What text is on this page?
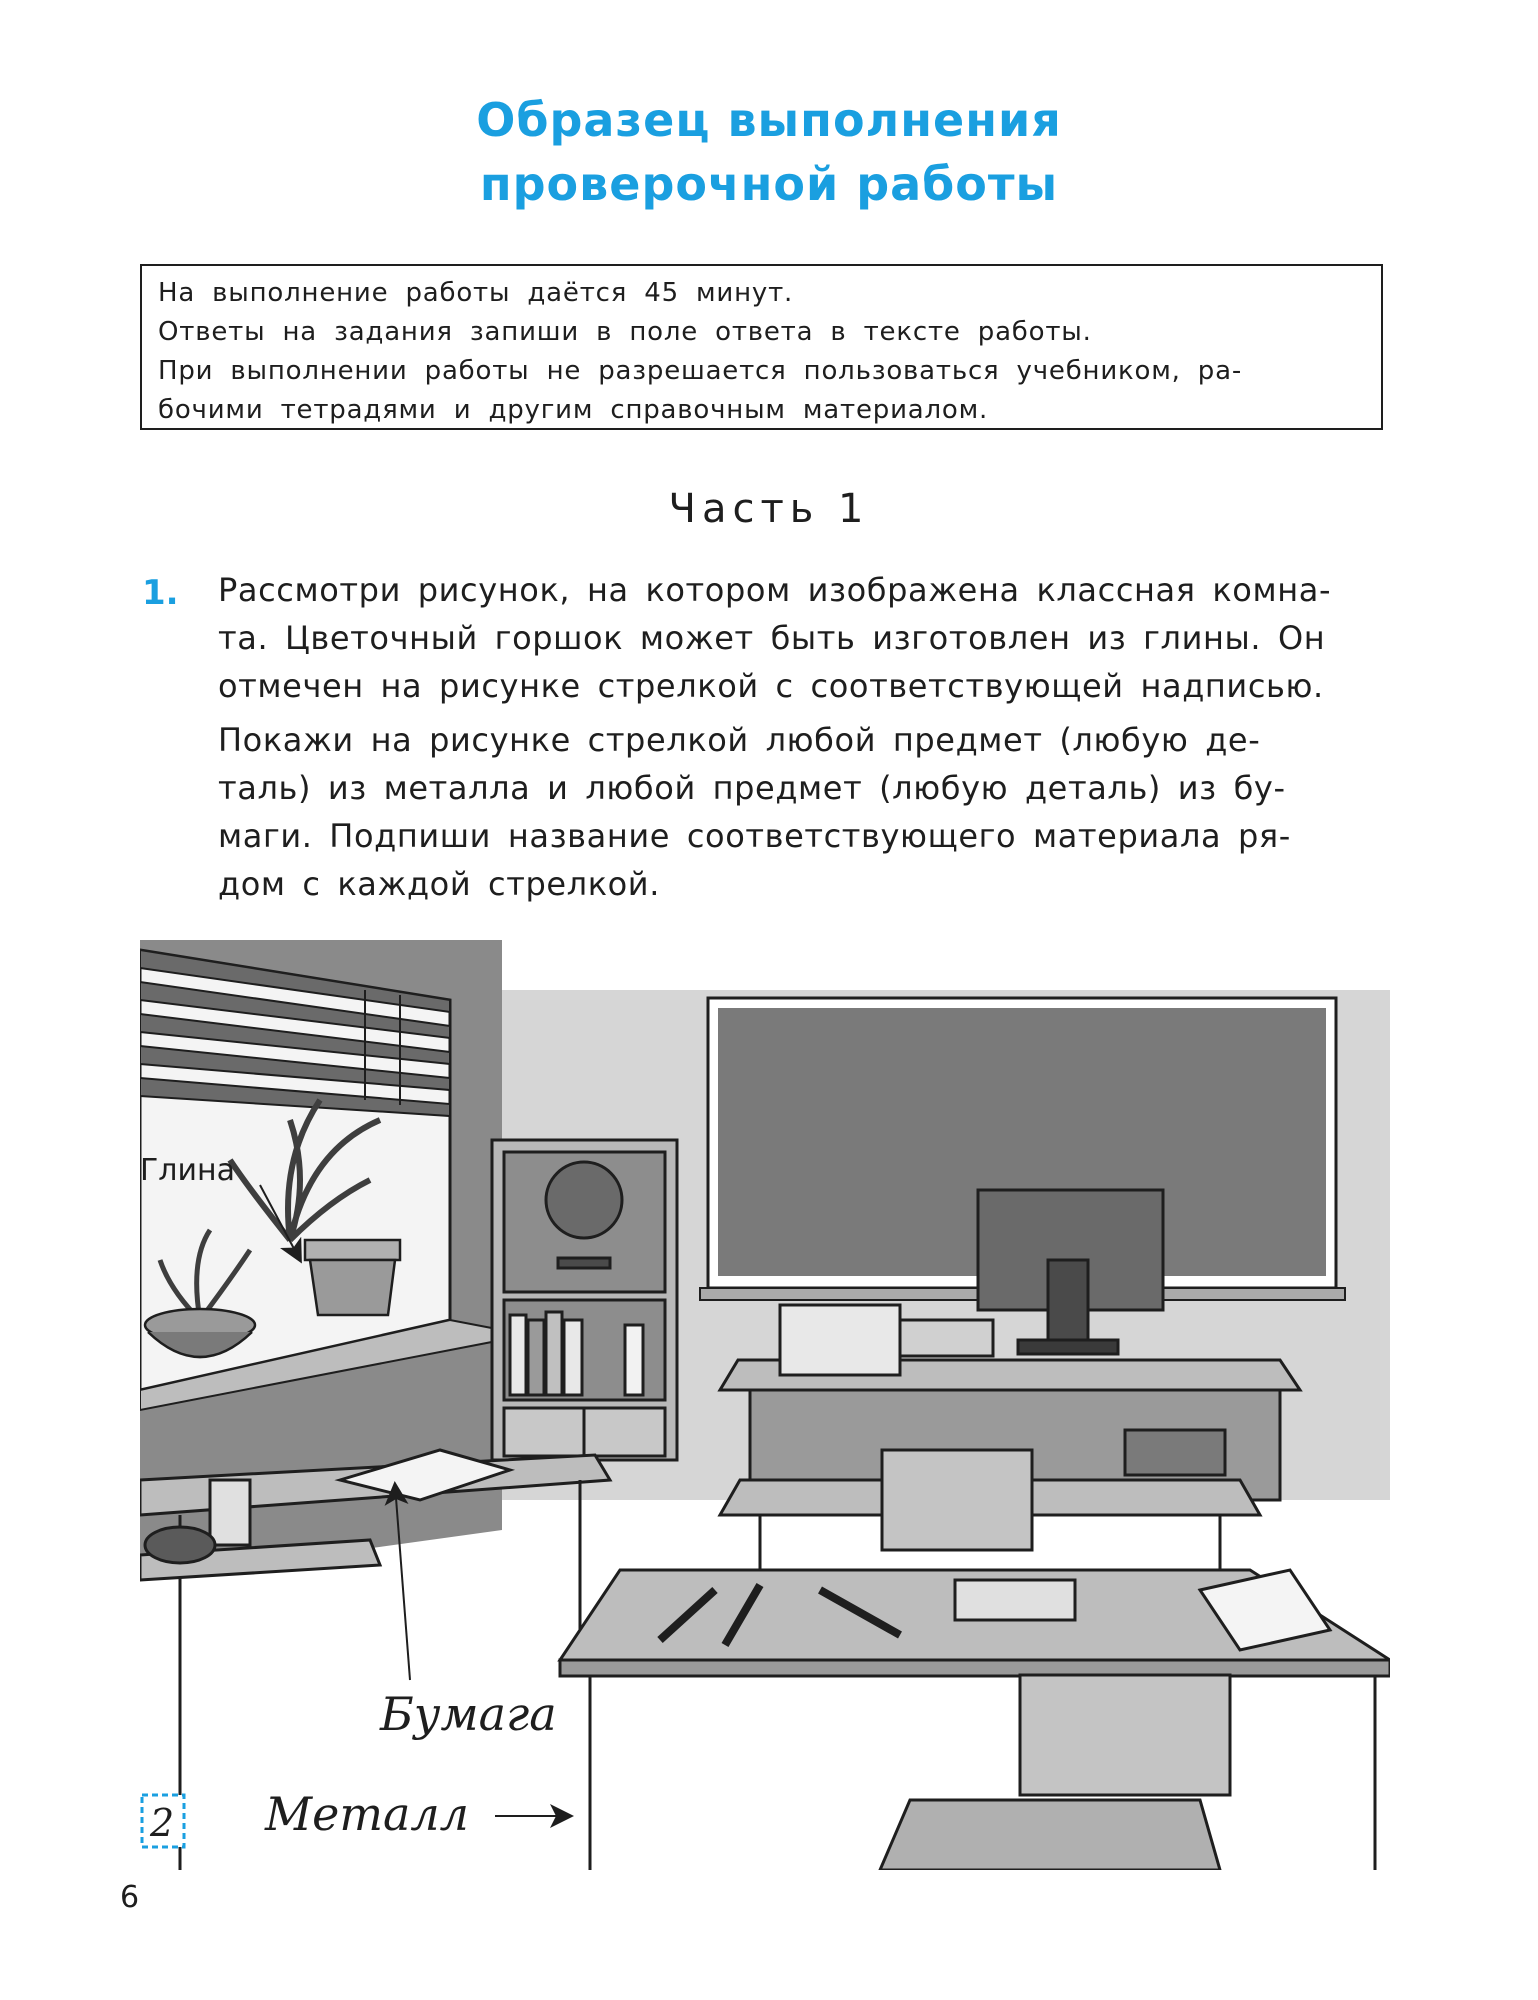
Образец выполнения
проверочной работы
На выполнение работы даётся 45 минут.
Ответы на задания запиши в поле ответа в тексте работы.
При выполнении работы не разрешается пользоваться учебником, ра-
бочими тетрадями и другим справочным материалом.
Часть 1
1. Рассмотри рисунок, на котором изображена классная комна-
та. Цветочный горшок может быть изготовлен из глины. Он
отмечен на рисунке стрелкой с соответствующей надписью.
Покажи на рисунке стрелкой любой предмет (любую де-
таль) из металла и любой предмет (любую деталь) из бу-
маги. Подпиши название соответствующего материала ря-
дом с каждой стрелкой.
Глина
Бумага
Металл
2
6
